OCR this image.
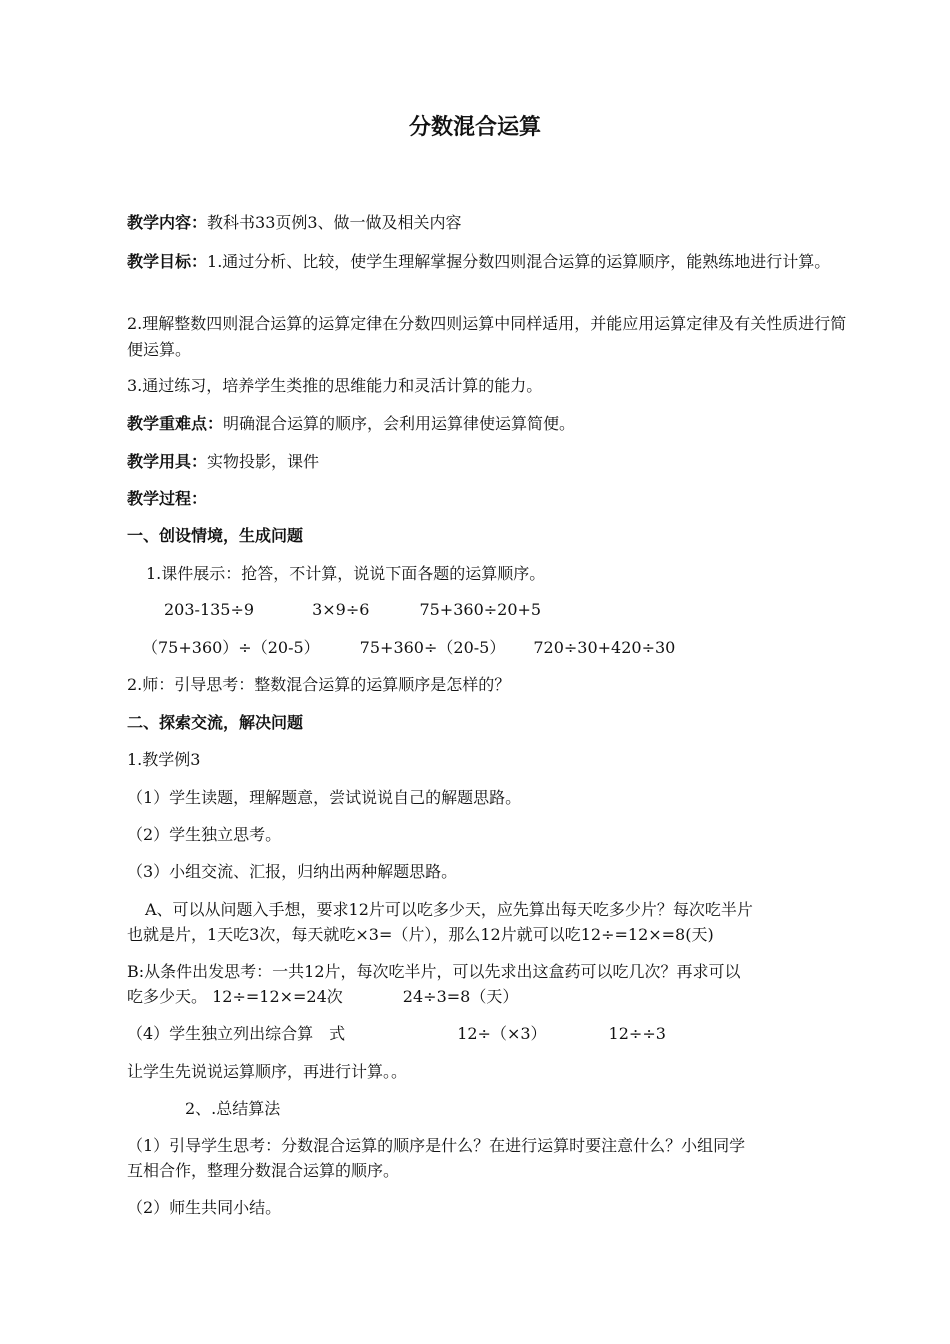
分数混合运算
教学内容：教科书33页例3、做一做及相关内容
教学目标：1.通过分析、比较，使学生理解掌握分数四则混合运算的运算顺序，能熟练地进行计算。
2.理解整数四则混合运算的运算定律在分数四则运算中同样适用，并能应用运算定律及有关性质进行简便运算。
3.通过练习，培养学生类推的思维能力和灵活计算的能力。
教学重难点：明确混合运算的顺序，会利用运算律使运算简便。
教学用具：实物投影，课件
教学过程：
一、创设情境，生成问题
1.课件展示：抢答，不计算，说说下面各题的运算顺序。
203-135÷9	3×9÷6	75+360÷20+5
（75+360）÷（20-5）	75+360÷（20-5） 720÷30+420÷30
2.师：引导思考：整数混合运算的运算顺序是怎样的？
二、探索交流，解决问题
1.教学例3
（1）学生读题，理解题意，尝试说说自己的解题思路。
（2）学生独立思考。
（3）小组交流、汇报，归纳出两种解题思路。
A、可以从问题入手想，要求12片可以吃多少天，应先算出每天吃多少片？每次吃半片
也就是片，1天吃3次，每天就吃×3=（片），那么12片就可以吃12÷=12×=8(天)
B:从条件出发思考：一共12片，每次吃半片，可以先求出这盒药可以吃几次？再求可以
吃多少天。 12÷=12×=24次	24÷3=8（天）
（4）学生独立列出综合算　式	12÷（×3）	12÷÷3
让学生先说说运算顺序，再进行计算。。
2、.总结算法
（1）引导学生思考：分数混合运算的顺序是什么？在进行运算时要注意什么？小组同学
互相合作，整理分数混合运算的顺序。
（2）师生共同小结。
